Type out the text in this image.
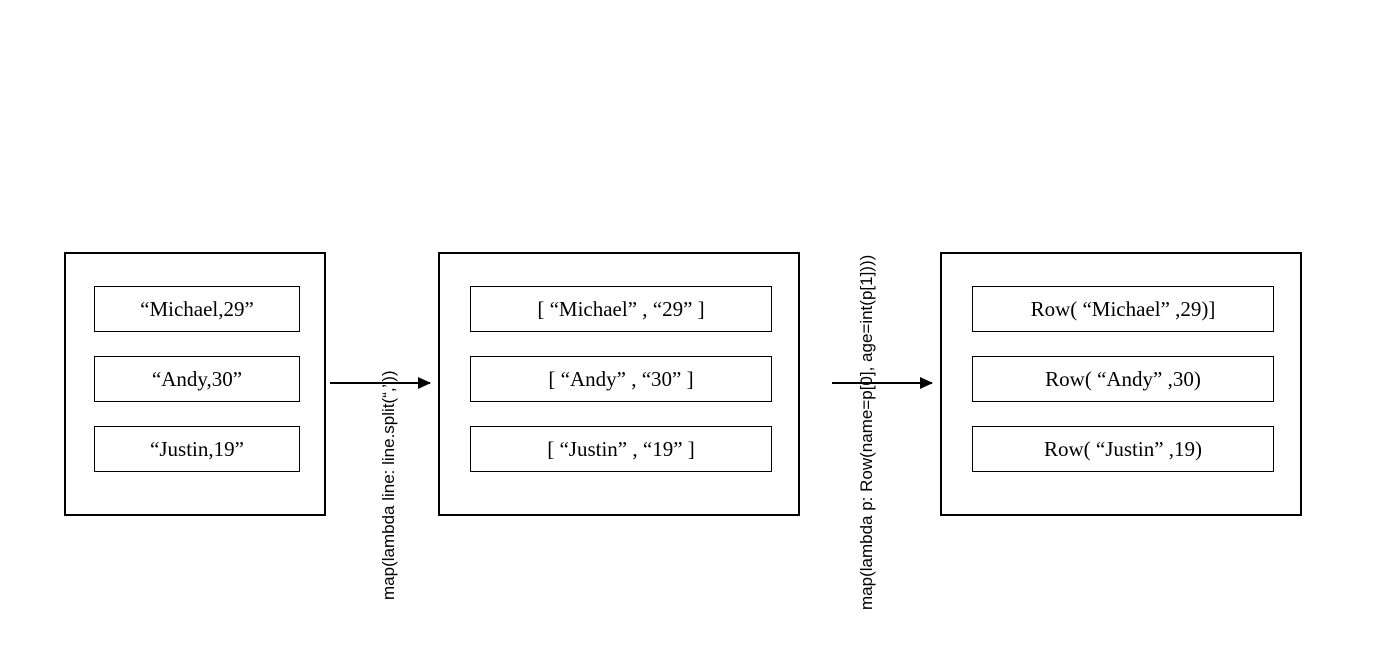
“Michael,29”
“Andy,30”
“Justin,19”	map(lambda line: line.split(“,”))
[ “Michael” , “29” ]
[ “Andy” , “30” ]
[ “Justin” , “19” ]	map(lambda p: Row(name=p[0], age=int(p[1])))	Row( “Michael” ,29)]
Row( “Andy” ,30)
Row( “Justin” ,19)
